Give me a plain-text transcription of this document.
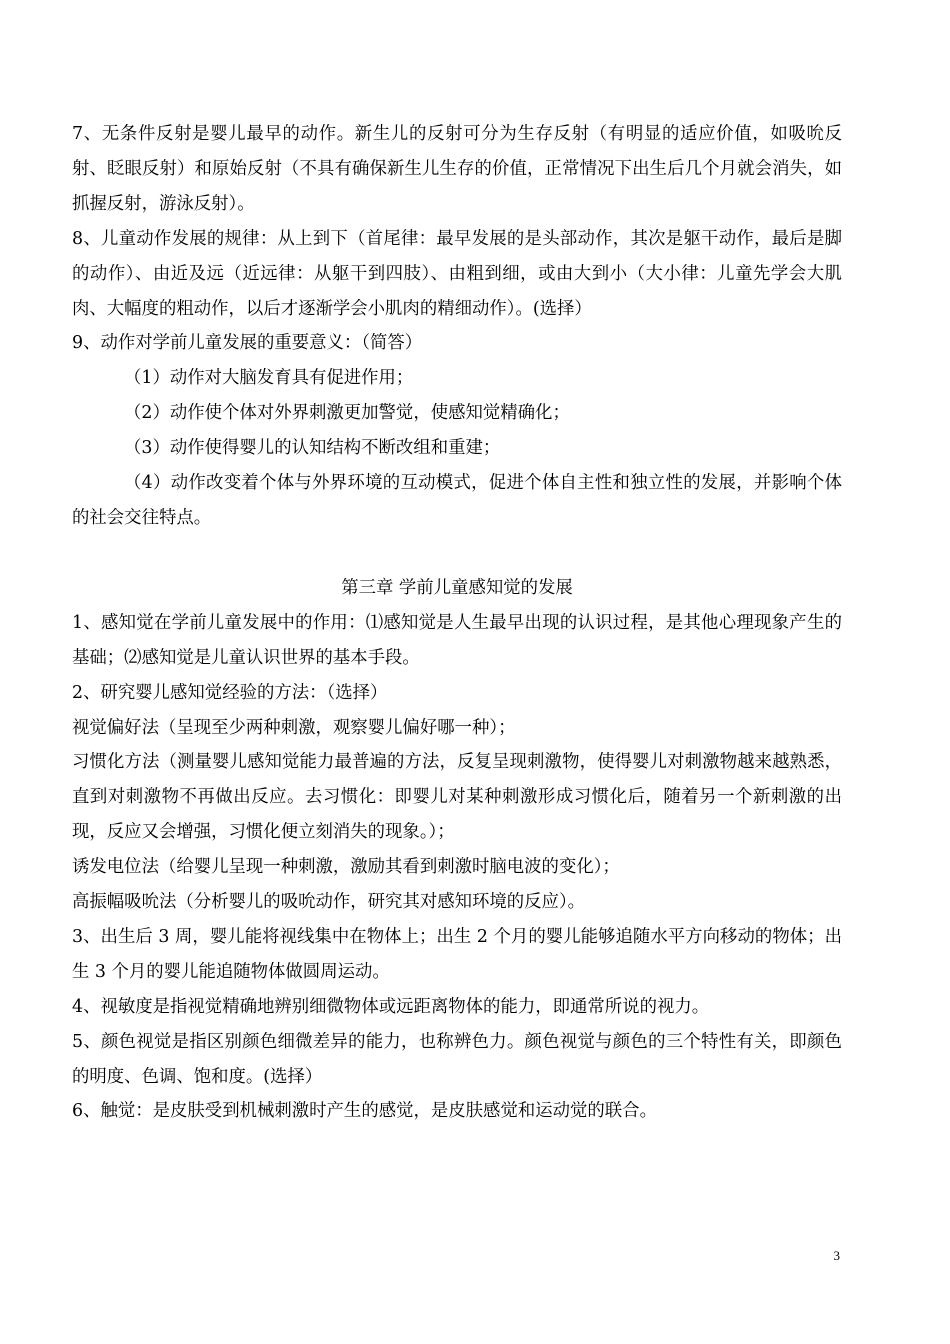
7、无条件反射是婴儿最早的动作。新生儿的反射可分为生存反射（有明显的适应价值，如吸吮反射、眨眼反射）和原始反射（不具有确保新生儿生存的价值，正常情况下出生后几个月就会消失，如抓握反射，游泳反射）。

8、儿童动作发展的规律：从上到下（首尾律：最早发展的是头部动作，其次是躯干动作，最后是脚的动作）、由近及远（近远律：从躯干到四肢）、由粗到细，或由大到小（大小律：儿童先学会大肌肉、大幅度的粗动作，以后才逐渐学会小肌肉的精细动作）。(选择）

9、动作对学前儿童发展的重要意义：（简答）

（1）动作对大脑发育具有促进作用；

（2）动作使个体对外界刺激更加警觉，使感知觉精确化；

（3）动作使得婴儿的认知结构不断改组和重建；

（4）动作改变着个体与外界环境的互动模式，促进个体自主性和独立性的发展，并影响个体的社会交往特点。

第三章 学前儿童感知觉的发展

1、感知觉在学前儿童发展中的作用：⑴感知觉是人生最早出现的认识过程，是其他心理现象产生的基础；⑵感知觉是儿童认识世界的基本手段。

2、研究婴儿感知觉经验的方法：（选择）

视觉偏好法（呈现至少两种刺激，观察婴儿偏好哪一种）；

习惯化方法（测量婴儿感知觉能力最普遍的方法，反复呈现刺激物，使得婴儿对刺激物越来越熟悉，直到对刺激物不再做出反应。去习惯化：即婴儿对某种刺激形成习惯化后，随着另一个新刺激的出现，反应又会增强，习惯化便立刻消失的现象。）；

诱发电位法（给婴儿呈现一种刺激，激励其看到刺激时脑电波的变化）；

高振幅吸吮法（分析婴儿的吸吮动作，研究其对感知环境的反应）。

3、出生后 3 周，婴儿能将视线集中在物体上；出生 2 个月的婴儿能够追随水平方向移动的物体；出生 3 个月的婴儿能追随物体做圆周运动。

4、视敏度是指视觉精确地辨别细微物体或远距离物体的能力，即通常所说的视力。

5、颜色视觉是指区别颜色细微差异的能力，也称辨色力。颜色视觉与颜色的三个特性有关，即颜色的明度、色调、饱和度。(选择）

6、触觉：是皮肤受到机械刺激时产生的感觉，是皮肤感觉和运动觉的联合。

3
